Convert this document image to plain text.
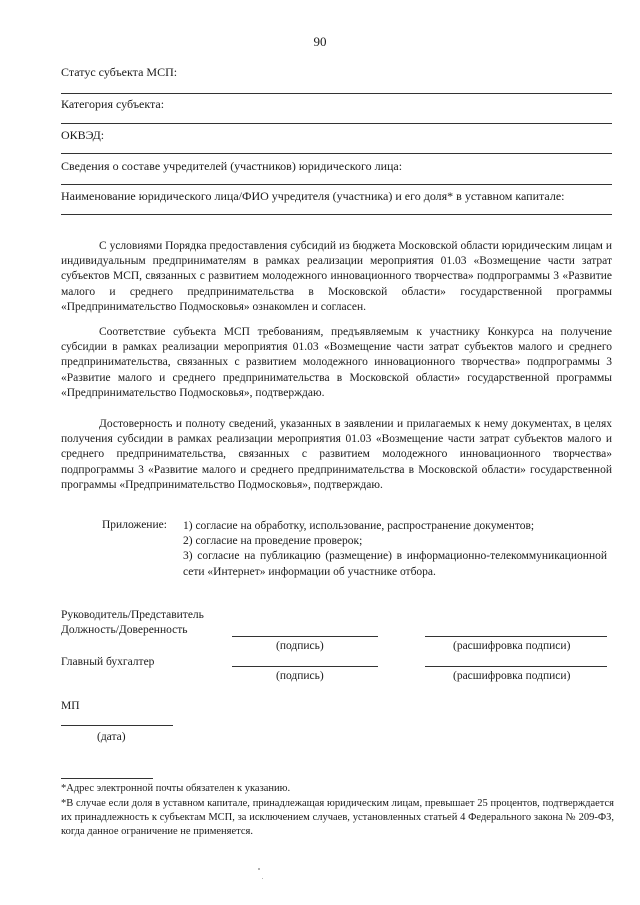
90
Статус субъекта МСП:
Категория субъекта:
ОКВЭД:
Сведения о составе учредителей (участников) юридического лица:
Наименование юридического лица/ФИО учредителя (участника) и его доля* в уставном капитале:

С условиями Порядка предоставления субсидий из бюджета Московской области юридическим лицам и индивидуальным предпринимателям в рамках реализации мероприятия 01.03 «Возмещение части затрат субъектов МСП, связанных с развитием молодежного инновационного творчества» подпрограммы 3 «Развитие малого и среднего предпринимательства в Московской области» государственной программы «Предпринимательство Подмосковья» ознакомлен и согласен.

Соответствие субъекта МСП требованиям, предъявляемым к участнику Конкурса на получение субсидии в рамках реализации мероприятия 01.03 «Возмещение части затрат субъектов малого и среднего предпринимательства, связанных с развитием молодежного инновационного творчества» подпрограммы 3 «Развитие малого и среднего предпринимательства в Московской области» государственной программы «Предпринимательство Подмосковья», подтверждаю.

Достоверность и полноту сведений, указанных в заявлении и прилагаемых к нему документах, в целях получения субсидии в рамках реализации мероприятия 01.03 «Возмещение части затрат субъектов малого и среднего предпринимательства, связанных с развитием молодежного инновационного творчества» подпрограммы 3 «Развитие малого и среднего предпринимательства в Московской области» государственной программы «Предпринимательство Подмосковья», подтверждаю.

Приложение: 1) согласие на обработку, использование, распространение документов;
2) согласие на проведение проверок;
3) согласие на публикацию (размещение) в информационно-телекоммуникационной сети «Интернет» информации об участнике отбора.
Руководитель/Представитель
Должность/Доверенность
(подпись)	(расшифровка подписи)
Главный бухгалтер
(подпись)	(расшифровка подписи)
МП
(дата)

*Адрес электронной почты обязателен к указанию.

*В случае если доля в уставном капитале, принадлежащая юридическим лицам, превышает 25 процентов, подтверждается их принадлежность к субъектам МСП, за исключением случаев, установленных статьей 4 Федерального закона № 209-ФЗ, когда данное ограничение не применяется.
